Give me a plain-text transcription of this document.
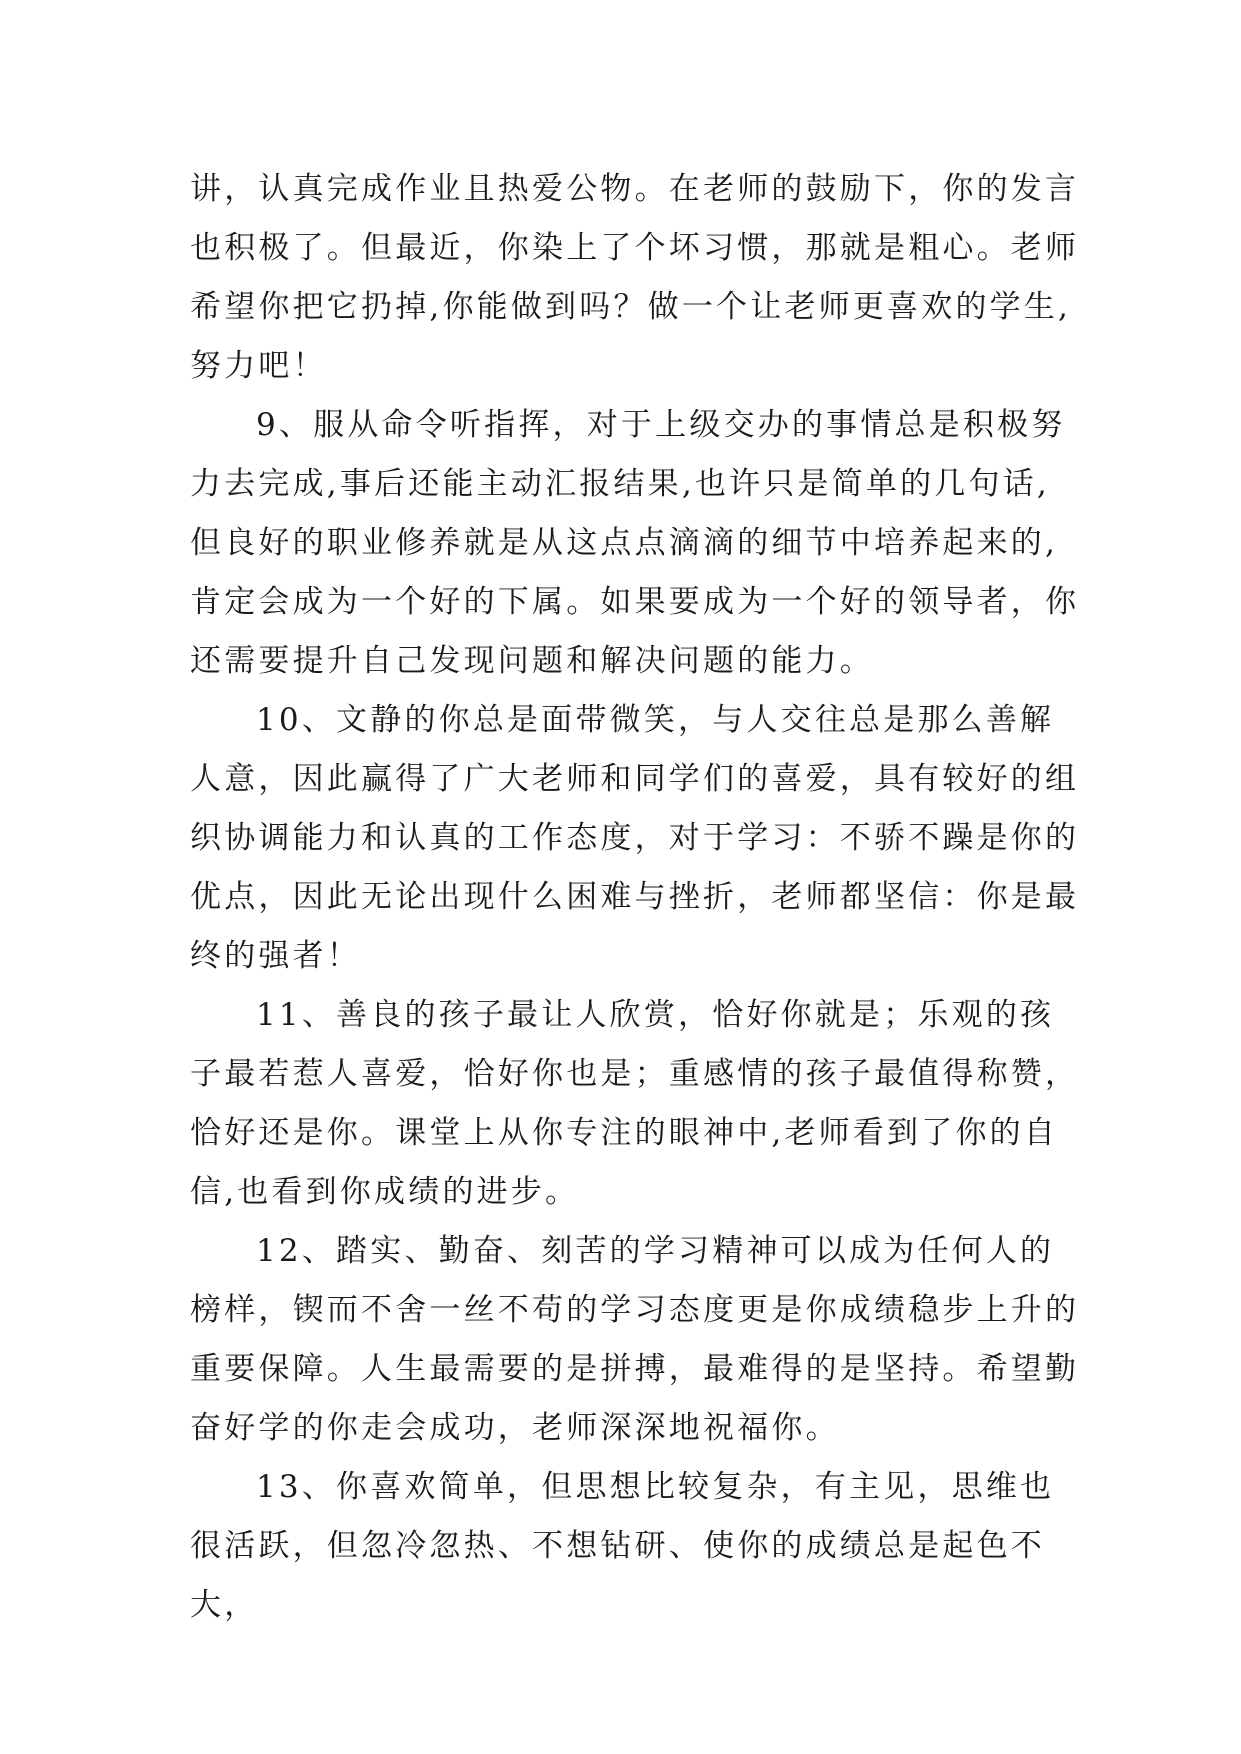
讲，认真完成作业且热爱公物。在老师的鼓励下，你的发言也积极了。但最近，你染上了个坏习惯，那就是粗心。老师希望你把它扔掉,你能做到吗？做一个让老师更喜欢的学生,努力吧！

9、服从命令听指挥，对于上级交办的事情总是积极努力去完成,事后还能主动汇报结果,也许只是简单的几句话,但良好的职业修养就是从这点点滴滴的细节中培养起来的,肯定会成为一个好的下属。如果要成为一个好的领导者，你还需要提升自己发现问题和解决问题的能力。

10、文静的你总是面带微笑，与人交往总是那么善解人意，因此赢得了广大老师和同学们的喜爱，具有较好的组织协调能力和认真的工作态度，对于学习：不骄不躁是你的优点，因此无论出现什么困难与挫折，老师都坚信：你是最终的强者！

11、善良的孩子最让人欣赏，恰好你就是；乐观的孩子最若惹人喜爱，恰好你也是；重感情的孩子最值得称赞，恰好还是你。课堂上从你专注的眼神中,老师看到了你的自信,也看到你成绩的进步。

12、踏实、勤奋、刻苦的学习精神可以成为任何人的榜样，锲而不舍一丝不苟的学习态度更是你成绩稳步上升的重要保障。人生最需要的是拼搏，最难得的是坚持。希望勤奋好学的你走会成功，老师深深地祝福你。

13、你喜欢简单，但思想比较复杂，有主见，思维也很活跃，但忽冷忽热、不想钻研、使你的成绩总是起色不大，
